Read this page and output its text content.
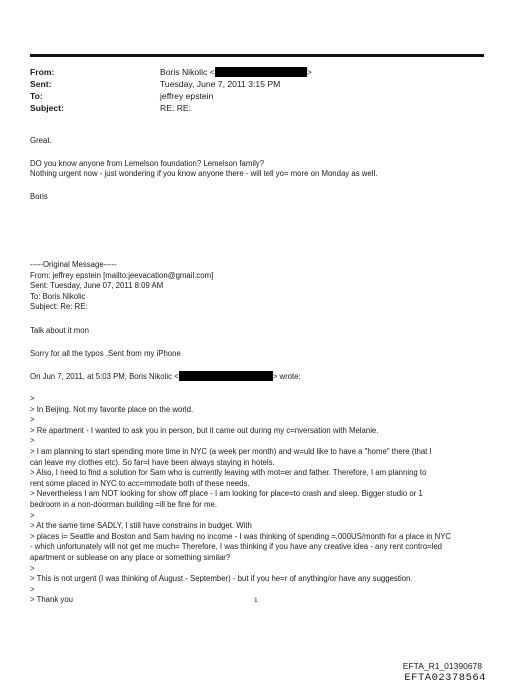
From:	Boris Nikolic <	>
Sent:	Tuesday, June 7, 2011 3:15 PM
To:	jeffrey epstein
Subject:	RE: RE:

Great.

DO you know anyone from Lemelson foundation? Lemelson family?

Nothing urgent now - just wondering if you know anyone there - will tell yo= more on Monday as well.

Boris

-----Original Message-----

From: jeffrey epstein [mailto:jeevacation@gmail.com]

Sent: Tuesday, June 07, 2011 8:09 AM

To: Boris Nikolic

Subject: Re: RE:

Talk about it mon

Sorry for all the typos .Sent from my iPhone

On Jun 7, 2011, at 5:03 PM, Boris Nikolic <	> wrote:

>

> In Beijing. Not my favorite place on the world.

>

> Re apartment - I wanted to ask you in person, but it came out during my c=nversation with Melanie.

>

> I am planning to start spending more time in NYC (a week per month) and w=uld like to have a "home" there (that I

can leave my clothes etc). So far=I have been always staying in hotels.

> Also, I need to find a solution for Sam who is currently leaving with mot=er and father. Therefore, I am planning to

rent some placed in NYC to acc=mmodate both of these needs.

> Nevertheless I am NOT looking for show off place - I am looking for place=to crash and sleep. Bigger studio or 1

bedroom in a non-doorman building =ill be fine for me.

>

> At the same time SADLY, I still have constrains in budget. With

> places i= Seattle and Boston and Sam having no income - I was thinking of spending =,000US/month for a place in NYC

- which unfortunately will not get me much= Therefore, I was thinking if you have any creative idea - any rent contro=led

apartment or sublease on any place or something similar?

>

> This is not urgent (I was thinking of August - September) - but if you he=r of anything/or have any suggestion.

>

> Thank you	1
EFTA_R1_01390678
EFTA02378564
